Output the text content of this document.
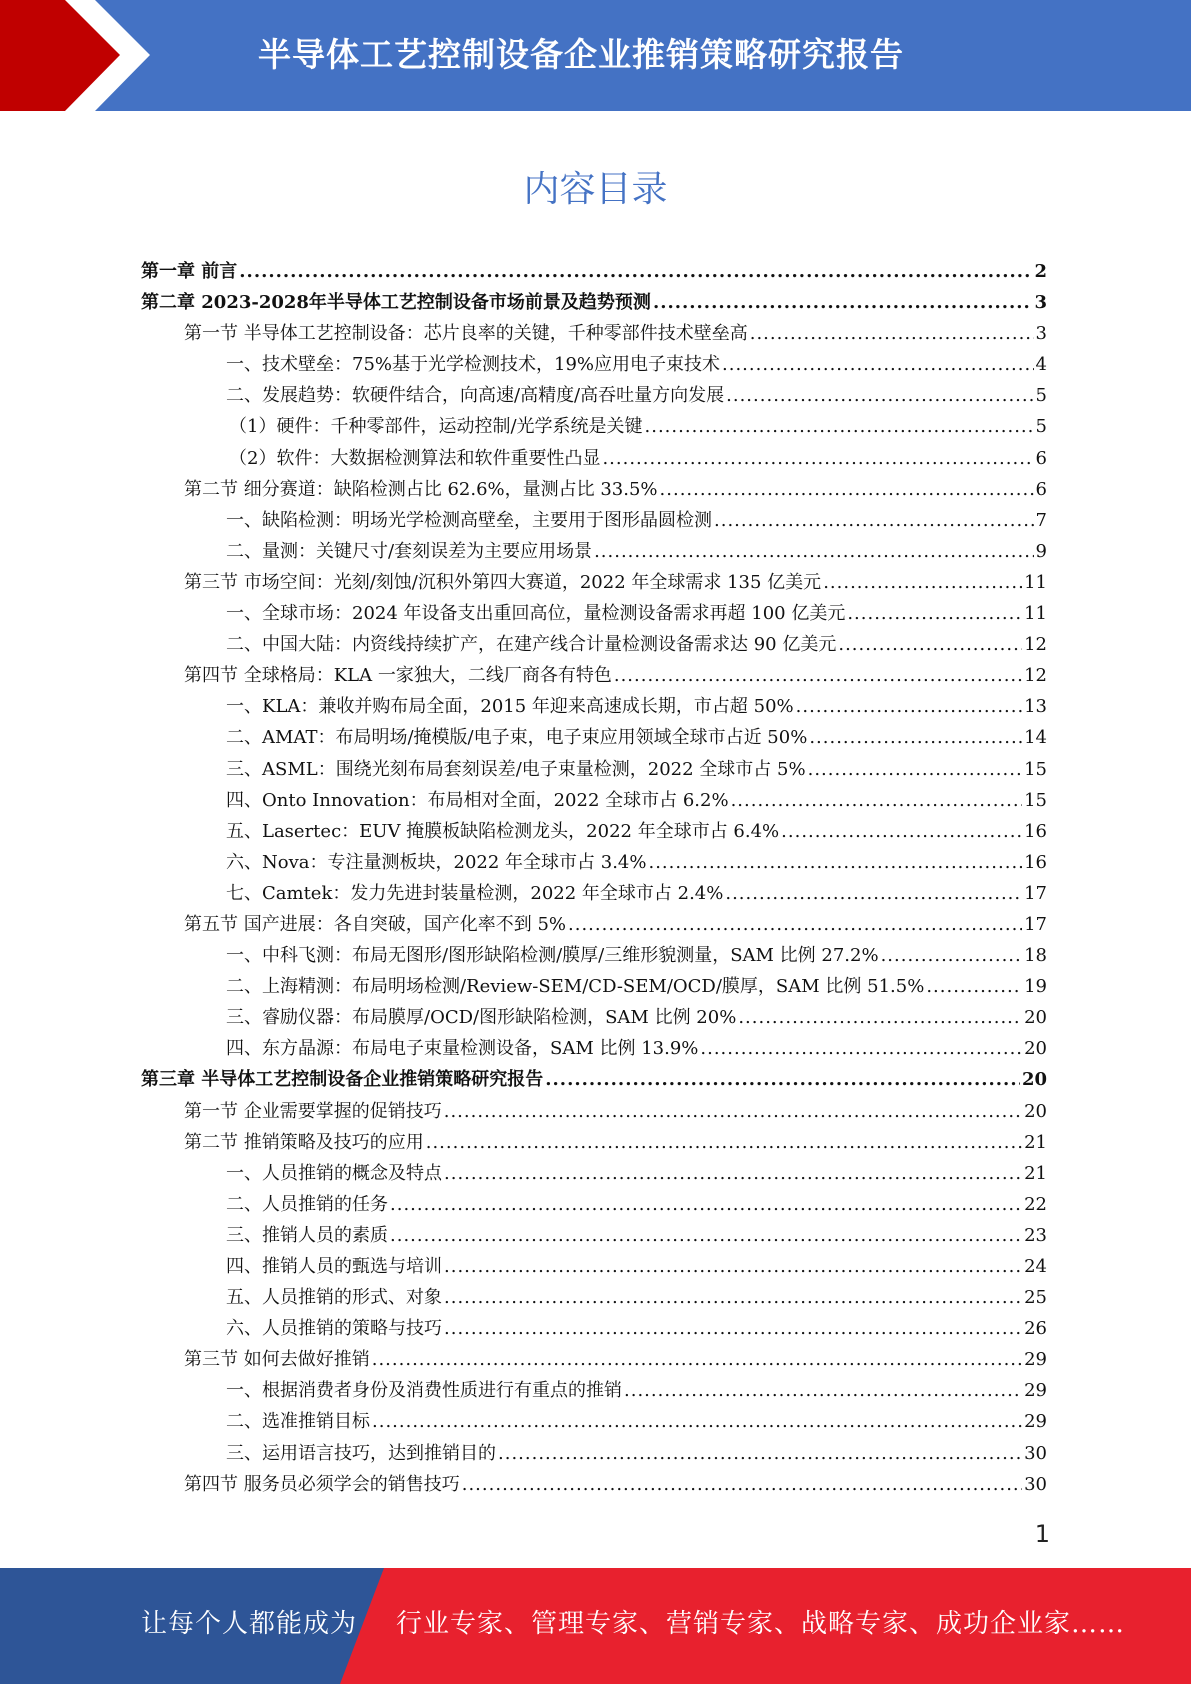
半导体工艺控制设备企业推销策略研究报告
内容目录
第一章 前言 .....	2
第二章 2023-2028年半导体工艺控制设备市场前景及趋势预测 .....	3
第一节 半导体工艺控制设备：芯片良率的关键，千种零部件技术壁垒高 .....	3
一、技术壁垒：75%基于光学检测技术，19%应用电子束技术 .....	4
二、发展趋势：软硬件结合，向高速/高精度/高吞吐量方向发展 .....	5
（1）硬件：千种零部件，运动控制/光学系统是关键 .....	5
（2）软件：大数据检测算法和软件重要性凸显 .....	6
第二节 细分赛道：缺陷检测占比 62.6%，量测占比 33.5% .....	6
一、缺陷检测：明场光学检测高壁垒，主要用于图形晶圆检测 .....	7
二、量测：关键尺寸/套刻误差为主要应用场景 .....	9
第三节 市场空间：光刻/刻蚀/沉积外第四大赛道，2022 年全球需求 135 亿美元 .....	11
一、全球市场：2024 年设备支出重回高位，量检测设备需求再超 100 亿美元 .....	11
二、中国大陆：内资线持续扩产，在建产线合计量检测设备需求达 90 亿美元 .....	12
第四节 全球格局：KLA 一家独大，二线厂商各有特色 .....	12
一、KLA：兼收并购布局全面，2015 年迎来高速成长期，市占超 50% .....	13
二、AMAT：布局明场/掩模版/电子束，电子束应用领域全球市占近 50% .....	14
三、ASML：围绕光刻布局套刻误差/电子束量检测，2022 全球市占 5% .....	15
四、Onto Innovation：布局相对全面，2022 全球市占 6.2% .....	15
五、Lasertec：EUV 掩膜板缺陷检测龙头，2022 年全球市占 6.4% .....	16
六、Nova：专注量测板块，2022 年全球市占 3.4% .....	16
七、Camtek：发力先进封装量检测，2022 年全球市占 2.4% .....	17
第五节 国产进展：各自突破，国产化率不到 5% .....	17
一、中科飞测：布局无图形/图形缺陷检测/膜厚/三维形貌测量，SAM 比例 27.2% .....	18
二、上海精测：布局明场检测/Review-SEM/CD-SEM/OCD/膜厚，SAM 比例 51.5% .....	19
三、睿励仪器：布局膜厚/OCD/图形缺陷检测，SAM 比例 20% .....	20
四、东方晶源：布局电子束量检测设备，SAM 比例 13.9% .....	20
第三章 半导体工艺控制设备企业推销策略研究报告 .....	20
第一节 企业需要掌握的促销技巧 .....	20
第二节 推销策略及技巧的应用 .....	21
一、人员推销的概念及特点 .....	21
二、人员推销的任务 .....	22
三、推销人员的素质 .....	23
四、推销人员的甄选与培训 .....	24
五、人员推销的形式、对象 .....	25
六、人员推销的策略与技巧 .....	26
第三节 如何去做好推销 .....	29
一、根据消费者身份及消费性质进行有重点的推销 .....	29
二、选准推销目标 .....	29
三、运用语言技巧，达到推销目的 .....	30
第四节 服务员必须学会的销售技巧 .....	30
1
让每个人都能成为 行业专家、管理专家、营销专家、战略专家、成功企业家……
